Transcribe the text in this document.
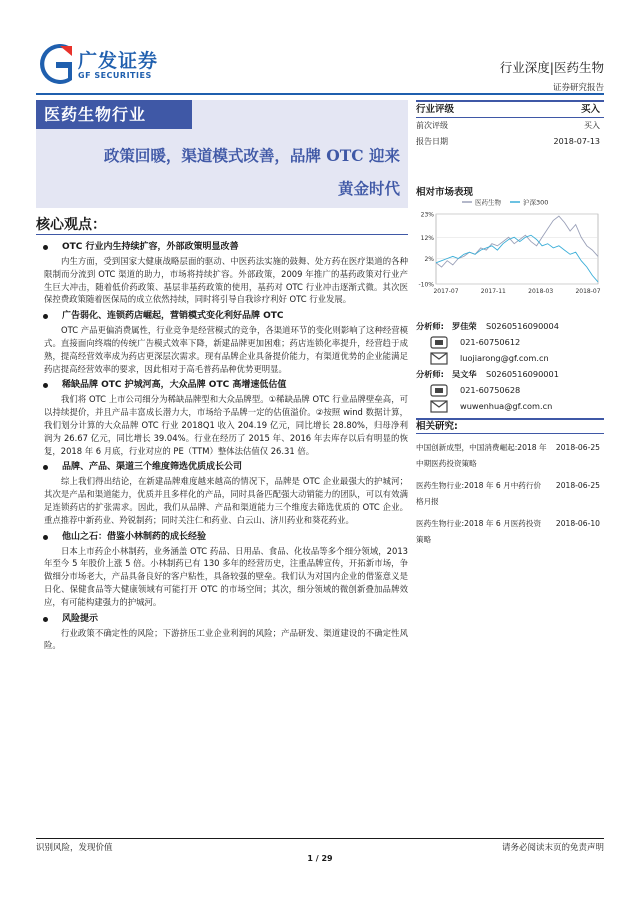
广发证券
GF SECURITIES
行业深度|医药生物
证券研究报告
医药生物行业
政策回暖，渠道模式改善，品牌 OTC 迎来
黄金时代
核心观点：
OTC 行业内生持续扩容，外部政策明显改善
内生方面，受到国家大健康战略层面的驱动、中医药法实施的鼓舞、处方药在医疗渠道的各种限制而分流到 OTC 渠道的助力，市场将持续扩容。外部政策，2009 年推广的基药政策对行业产生巨大冲击，随着低价药政策、基层非基药政策的使用，基药对 OTC 行业冲击逐渐式微。其次医保控费政策随着医保局的成立依然持续，同时将引导自我诊疗利好 OTC 行业发展。
广告弱化、连锁药店崛起，营销模式变化利好品牌 OTC
OTC 产品更偏消费属性，行业竞争是经营模式的竞争，各渠道环节的变化则影响了这种经营模式。直接面向终端的传统广告模式效率下降，新建品牌更加困难；药店连锁化率提升，经营趋于成熟，提高经营效率成为药店更深层次需求。现有品牌企业具备提价能力，有渠道优势的企业能满足药店提高经营效率的要求，因此相对于高毛普药品种优势更明显。
稀缺品牌 OTC 护城河高，大众品牌 OTC 高增速低估值
我们将 OTC 上市公司细分为稀缺品牌型和大众品牌型。①稀缺品牌 OTC 行业品牌壁垒高，可以持续提价，并且产品丰富成长潜力大，市场给予品牌一定的估值溢价。②按照 wind 数据计算，我们划分计算的大众品牌 OTC 行业 2018Q1 收入 204.19 亿元，同比增长 28.80%，归母净利润为 26.67 亿元，同比增长 39.04%。行业在经历了 2015 年、2016 年去库存以后有明显的恢复，2018 年 6 月底，行业对应的 PE（TTM）整体法估值仅 26.31 倍。
品牌、产品、渠道三个维度筛选优质成长公司
综上我们得出结论，在新建品牌难度越来越高的情况下，品牌是 OTC 企业最强大的护城河；其次是产品和渠道能力，优质并且多样化的产品，同时具备匹配强大动销能力的团队，可以有效满足连锁药店的扩张需求。因此，我们从品牌、产品和渠道能力三个维度去筛选优质的 OTC 企业。重点推荐中新药业、羚锐制药；同时关注仁和药业、白云山、济川药业和葵花药业。
他山之石：借鉴小林制药的成长经验
日本上市药企小林制药，业务涵盖 OTC 药品、日用品、食品、化妆品等多个细分领域，2013 年至今 5 年股价上涨 5 倍。小林制药已有 130 多年的经营历史，注重品牌宣传，开拓新市场，争做细分市场老大，产品具备良好的客户粘性，具备较强的壁垒。我们认为对国内企业的借鉴意义是日化、保健食品等大健康领域有可能打开 OTC 的市场空间；其次，细分领域的微创新叠加品牌效应，有可能构建强力的护城河。
风险提示
行业政策不确定性的风险；下游挤压工业企业利润的风险；产品研发、渠道建设的不确定性风险。
行业评级	买入
前次评级	买入
报告日期	2018-07-13
相对市场表现
23%
12%
2%
-10%
2017-07	2017-11	2018-03	2018-07
医药生物	沪深300
分析师: 罗佳荣 S0260516090004
021-60750612
luojiarong@gf.com.cn
分析师: 吴文华 S0260516090001
021-60750628
wuwenhua@gf.com.cn
相关研究:
中国创新成型，中国消费崛起:2018 年中期医药投资策略
2018-06-25
医药生物行业:2018 年 6 月中药行价格月报
2018-06-25
医药生物行业:2018 年 6 月医药投资策略
2018-06-10
识别风险，发现价值	请务必阅读末页的免责声明
1 / 29
